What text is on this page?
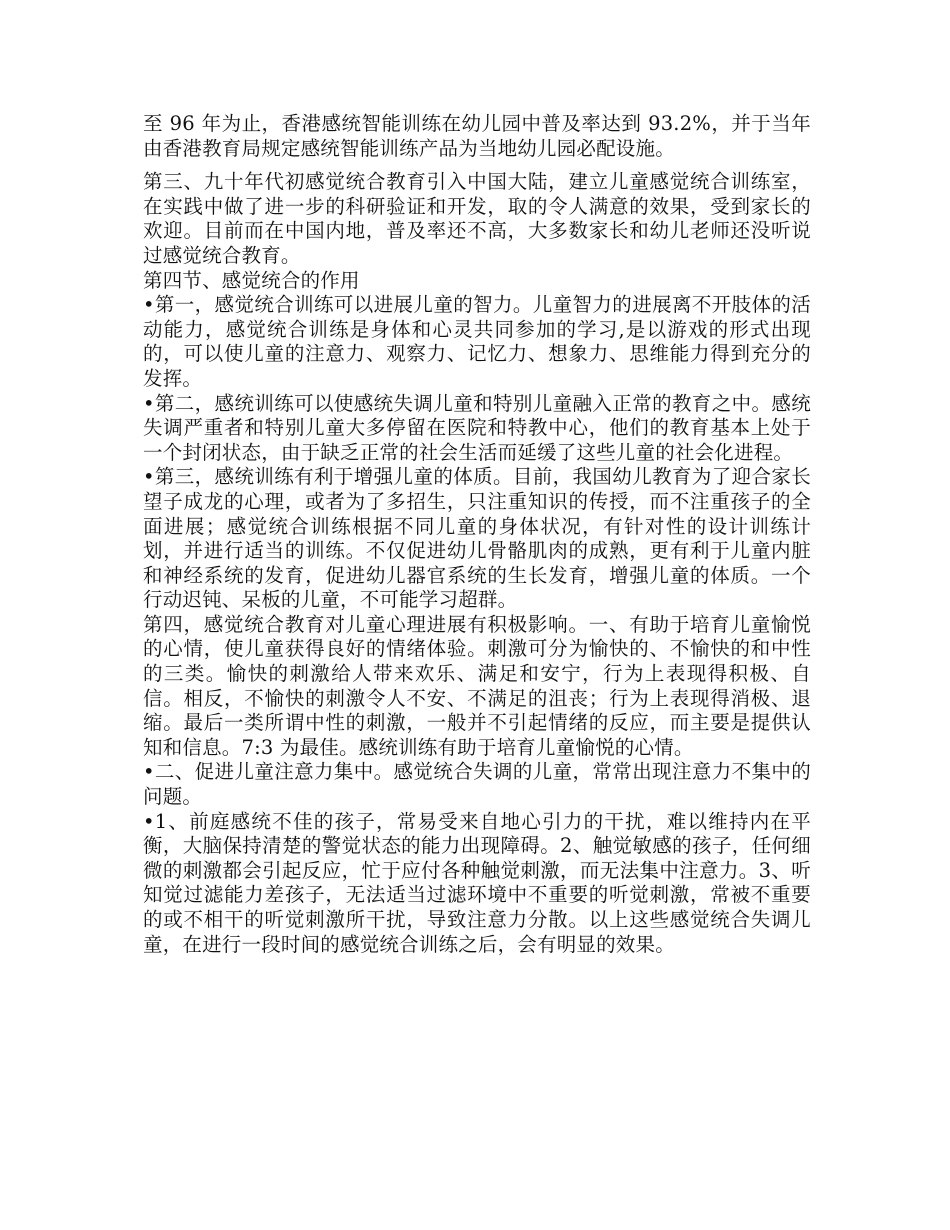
至 96 年为止，香港感统智能训练在幼儿园中普及率达到 93.2%，并于当年由香港教育局规定感统智能训练产品为当地幼儿园必配设施。

第三、九十年代初感觉统合教育引入中国大陆，建立儿童感觉统合训练室，在实践中做了进一步的科研验证和开发，取的令人满意的效果，受到家长的欢迎。目前而在中国内地，普及率还不高，大多数家长和幼儿老师还没听说过感觉统合教育。

第四节、感觉统合的作用

•第一，感觉统合训练可以进展儿童的智力。儿童智力的进展离不开肢体的活动能力，感觉统合训练是身体和心灵共同参加的学习,是以游戏的形式出现的，可以使儿童的注意力、观察力、记忆力、想象力、思维能力得到充分的发挥。

•第二，感统训练可以使感统失调儿童和特别儿童融入正常的教育之中。感统失调严重者和特别儿童大多停留在医院和特教中心，他们的教育基本上处于一个封闭状态，由于缺乏正常的社会生活而延缓了这些儿童的社会化进程。

•第三，感统训练有利于增强儿童的体质。目前，我国幼儿教育为了迎合家长望子成龙的心理，或者为了多招生，只注重知识的传授，而不注重孩子的全面进展；感觉统合训练根据不同儿童的身体状况，有针对性的设计训练计划，并进行适当的训练。不仅促进幼儿骨骼肌肉的成熟，更有利于儿童内脏和神经系统的发育，促进幼儿器官系统的生长发育，增强儿童的体质。一个行动迟钝、呆板的儿童，不可能学习超群。

第四，感觉统合教育对儿童心理进展有积极影响。一、有助于培育儿童愉悦的心情，使儿童获得良好的情绪体验。刺激可分为愉快的、不愉快的和中性的三类。愉快的刺激给人带来欢乐、满足和安宁，行为上表现得积极、自信。相反，不愉快的刺激令人不安、不满足的沮丧；行为上表现得消极、退缩。最后一类所谓中性的刺激，一般并不引起情绪的反应，而主要是提供认知和信息。7:3 为最佳。感统训练有助于培育儿童愉悦的心情。

•二、促进儿童注意力集中。感觉统合失调的儿童，常常出现注意力不集中的问题。

•1、前庭感统不佳的孩子，常易受来自地心引力的干扰，难以维持内在平衡，大脑保持清楚的警觉状态的能力出现障碍。2、触觉敏感的孩子，任何细微的刺激都会引起反应，忙于应付各种触觉刺激，而无法集中注意力。3、听知觉过滤能力差孩子，无法适当过滤环境中不重要的听觉刺激，常被不重要的或不相干的听觉刺激所干扰，导致注意力分散。以上这些感觉统合失调儿童，在进行一段时间的感觉统合训练之后，会有明显的效果。
